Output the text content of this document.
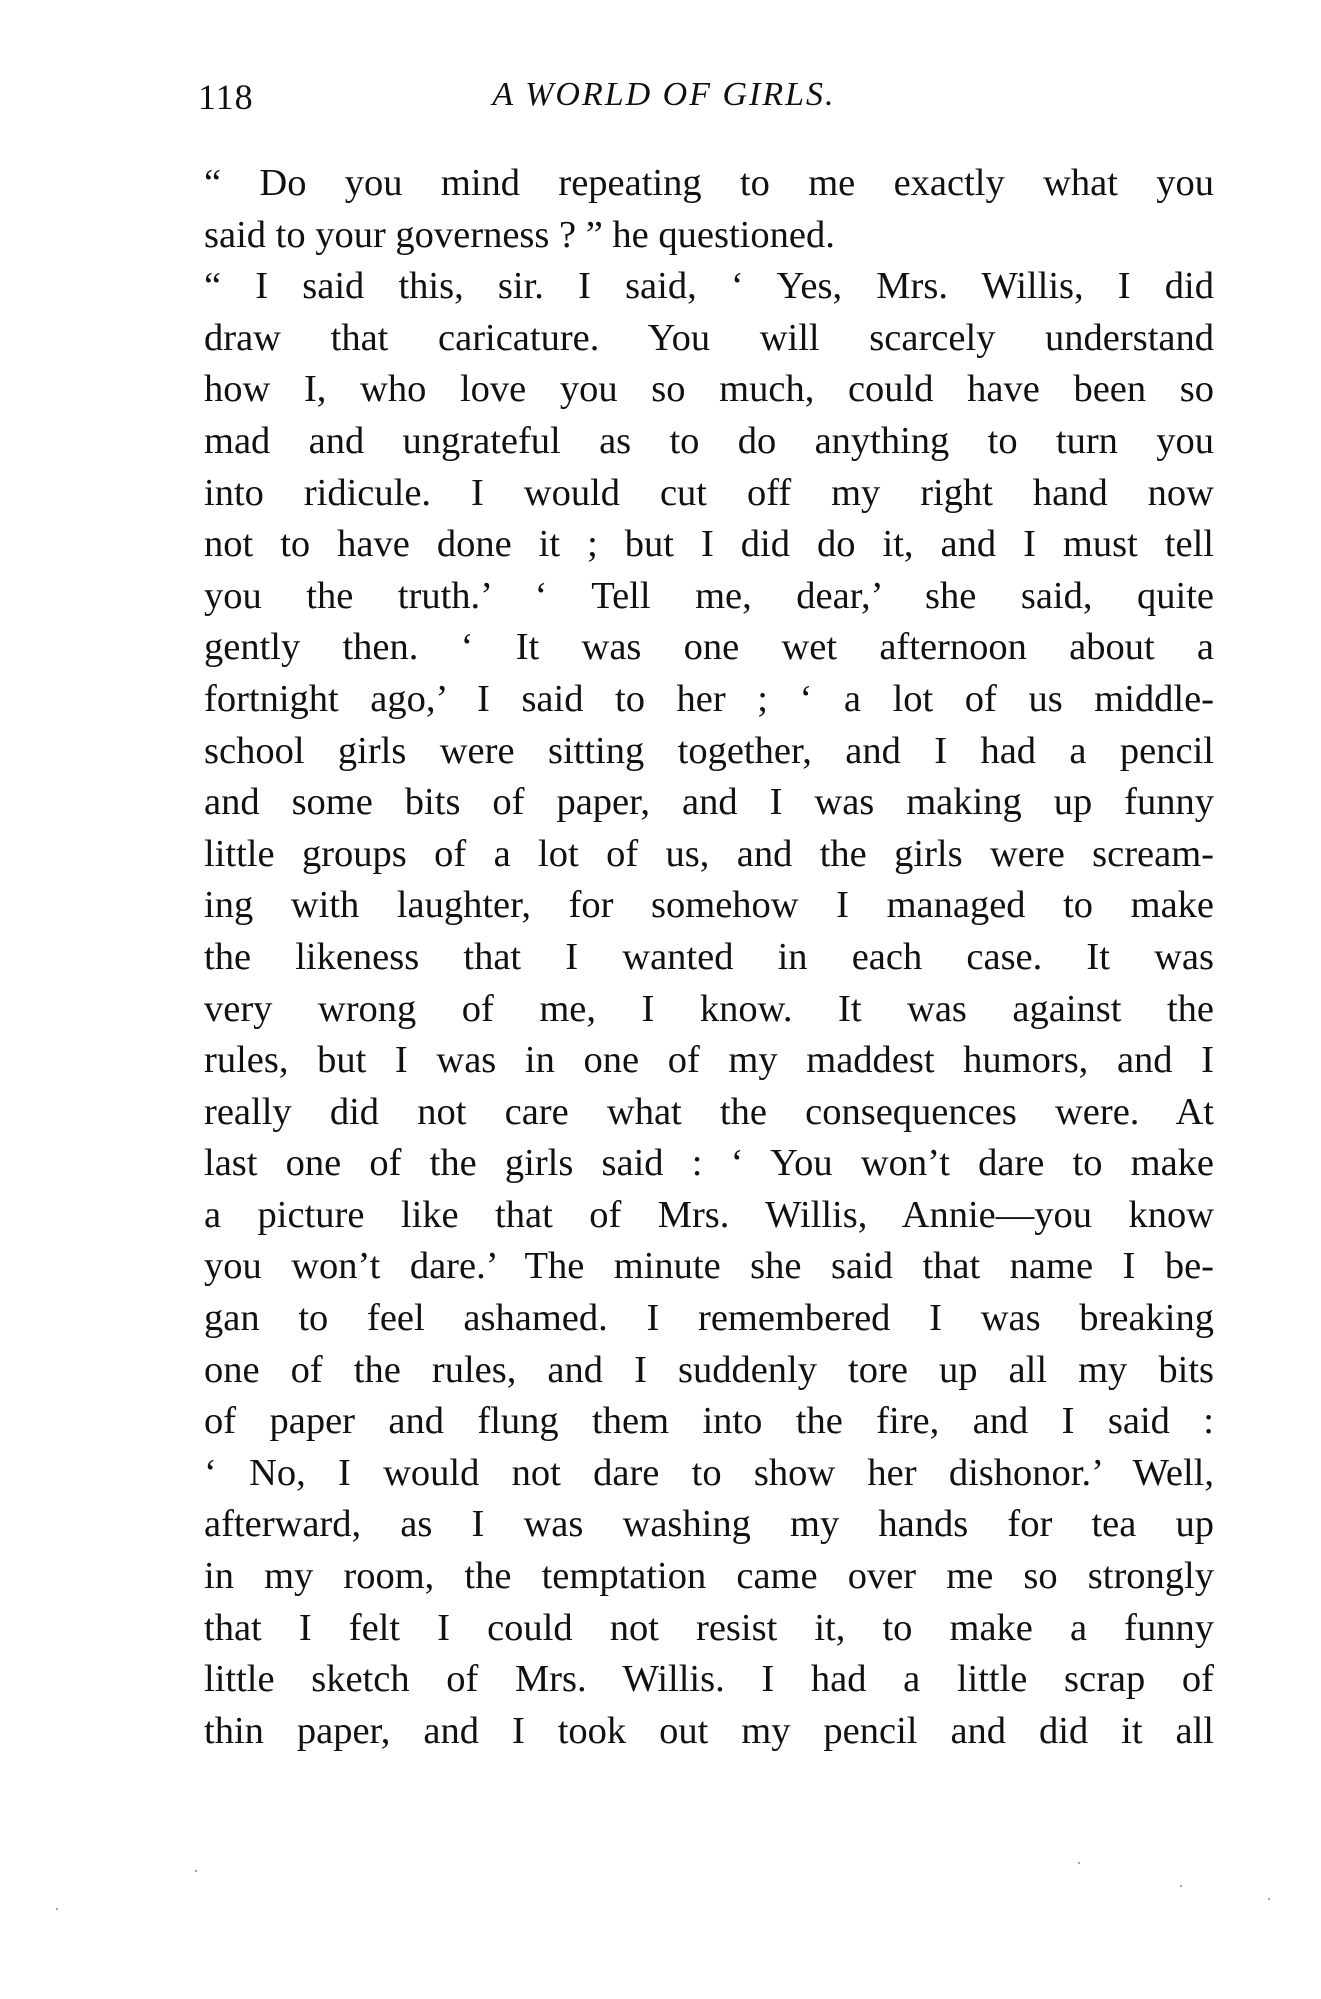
118	A WORLD OF GIRLS.
“ Do you mind repeating to me exactly what you
said to your governess ? ” he questioned.
“ I said this, sir. I said, ‘ Yes, Mrs. Willis, I did
draw that caricature. You will scarcely understand
how I, who love you so much, could have been so
mad and ungrateful as to do anything to turn you
into ridicule. I would cut off my right hand now
not to have done it ; but I did do it, and I must tell
you the truth.’ ‘ Tell me, dear,’ she said, quite
gently then. ‘ It was one wet afternoon about a
fortnight ago,’ I said to her ; ‘ a lot of us middle-
school girls were sitting together, and I had a pencil
and some bits of paper, and I was making up funny
little groups of a lot of us, and the girls were scream-
ing with laughter, for somehow I managed to make
the likeness that I wanted in each case. It was
very wrong of me, I know. It was against the
rules, but I was in one of my maddest humors, and I
really did not care what the consequences were. At
last one of the girls said : ‘ You won’t dare to make
a picture like that of Mrs. Willis, Annie—you know
you won’t dare.’ The minute she said that name I be-
gan to feel ashamed. I remembered I was breaking
one of the rules, and I suddenly tore up all my bits
of paper and flung them into the fire, and I said :
‘ No, I would not dare to show her dishonor.’ Well,
afterward, as I was washing my hands for tea up
in my room, the temptation came over me so strongly
that I felt I could not resist it, to make a funny
little sketch of Mrs. Willis. I had a little scrap of
thin paper, and I took out my pencil and did it all
